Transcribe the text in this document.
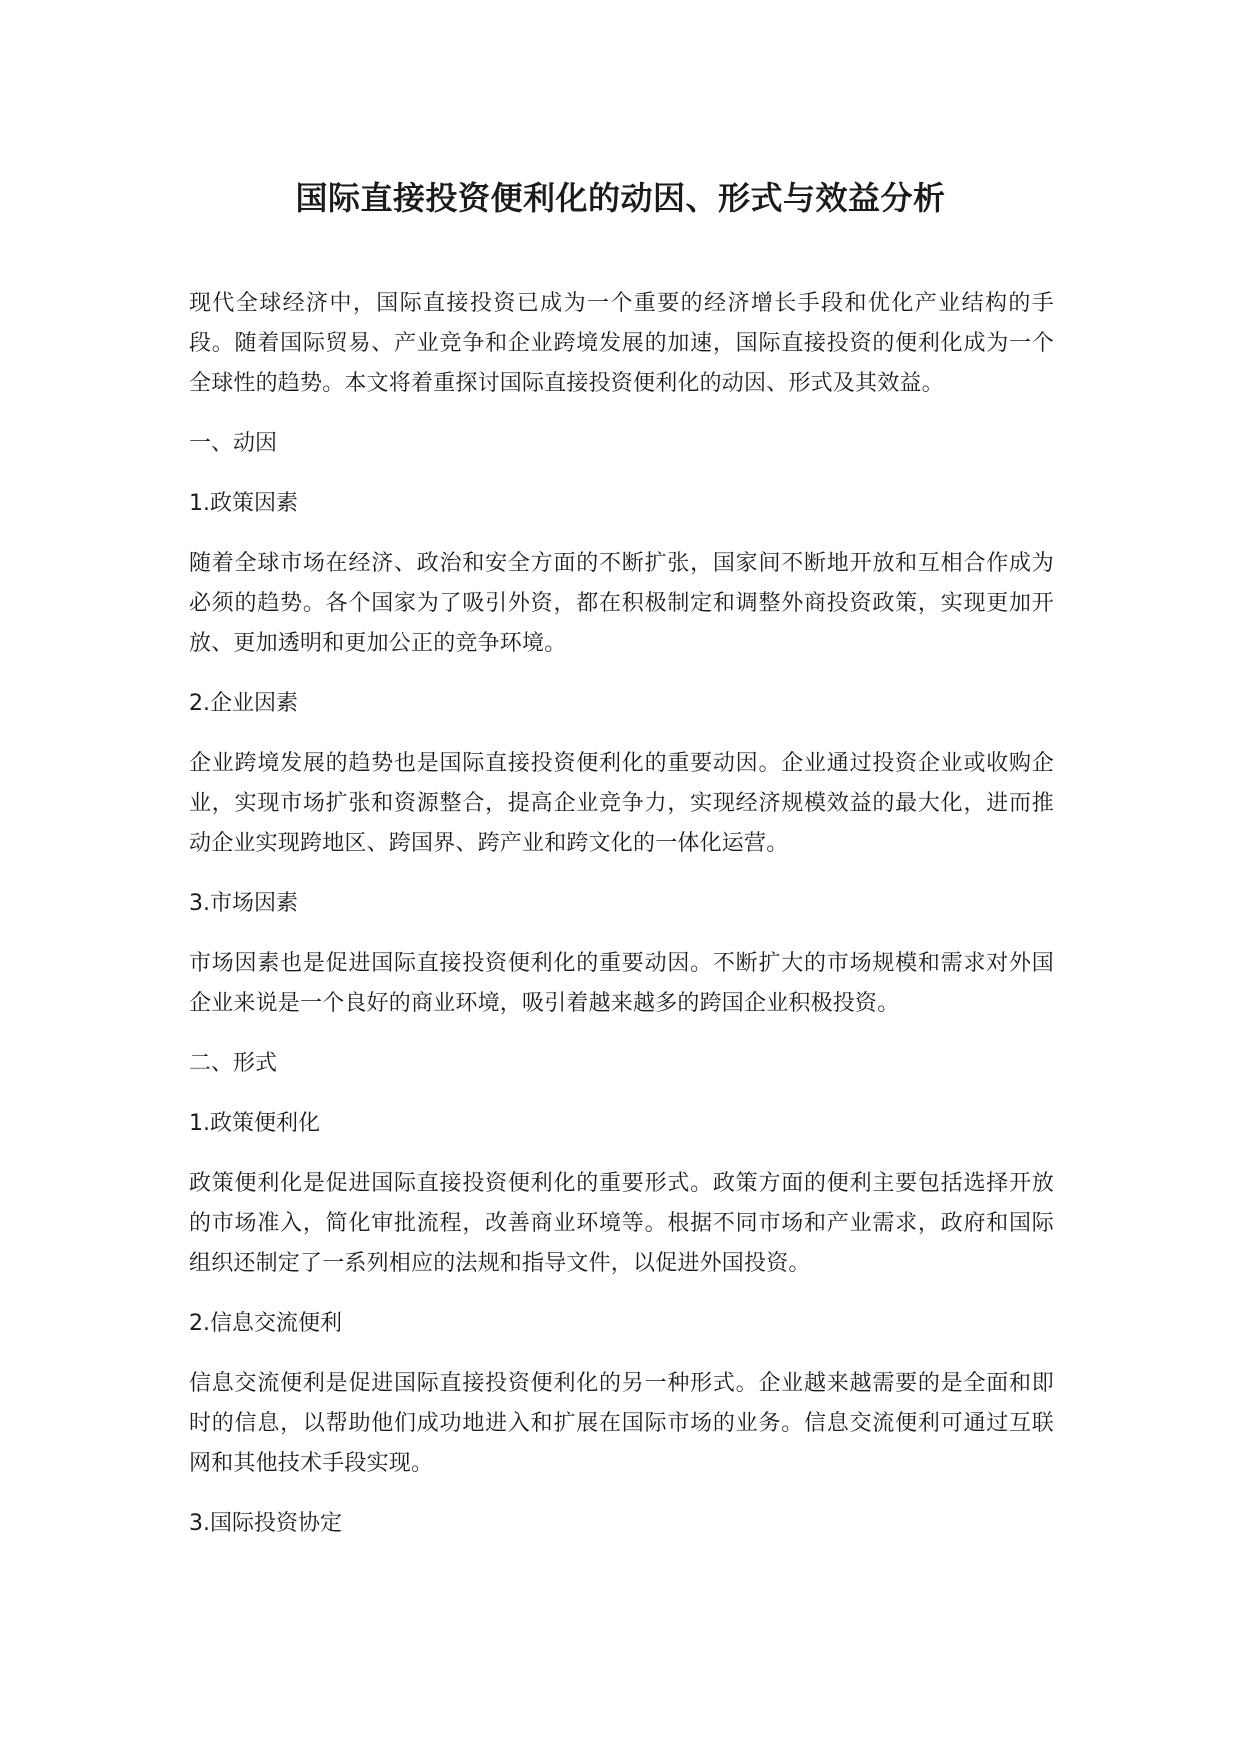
国际直接投资便利化的动因、形式与效益分析

现代全球经济中，国际直接投资已成为一个重要的经济增长手段和优化产业结构的手段。随着国际贸易、产业竞争和企业跨境发展的加速，国际直接投资的便利化成为一个全球性的趋势。本文将着重探讨国际直接投资便利化的动因、形式及其效益。

一、动因
1.政策因素

随着全球市场在经济、政治和安全方面的不断扩张，国家间不断地开放和互相合作成为必须的趋势。各个国家为了吸引外资，都在积极制定和调整外商投资政策，实现更加开放、更加透明和更加公正的竞争环境。

2.企业因素

企业跨境发展的趋势也是国际直接投资便利化的重要动因。企业通过投资企业或收购企业，实现市场扩张和资源整合，提高企业竞争力，实现经济规模效益的最大化，进而推动企业实现跨地区、跨国界、跨产业和跨文化的一体化运营。

3.市场因素

市场因素也是促进国际直接投资便利化的重要动因。不断扩大的市场规模和需求对外国企业来说是一个良好的商业环境，吸引着越来越多的跨国企业积极投资。

二、形式
1.政策便利化

政策便利化是促进国际直接投资便利化的重要形式。政策方面的便利主要包括选择开放的市场准入，简化审批流程，改善商业环境等。根据不同市场和产业需求，政府和国际组织还制定了一系列相应的法规和指导文件，以促进外国投资。

2.信息交流便利

信息交流便利是促进国际直接投资便利化的另一种形式。企业越来越需要的是全面和即时的信息，以帮助他们成功地进入和扩展在国际市场的业务。信息交流便利可通过互联网和其他技术手段实现。

3.国际投资协定
